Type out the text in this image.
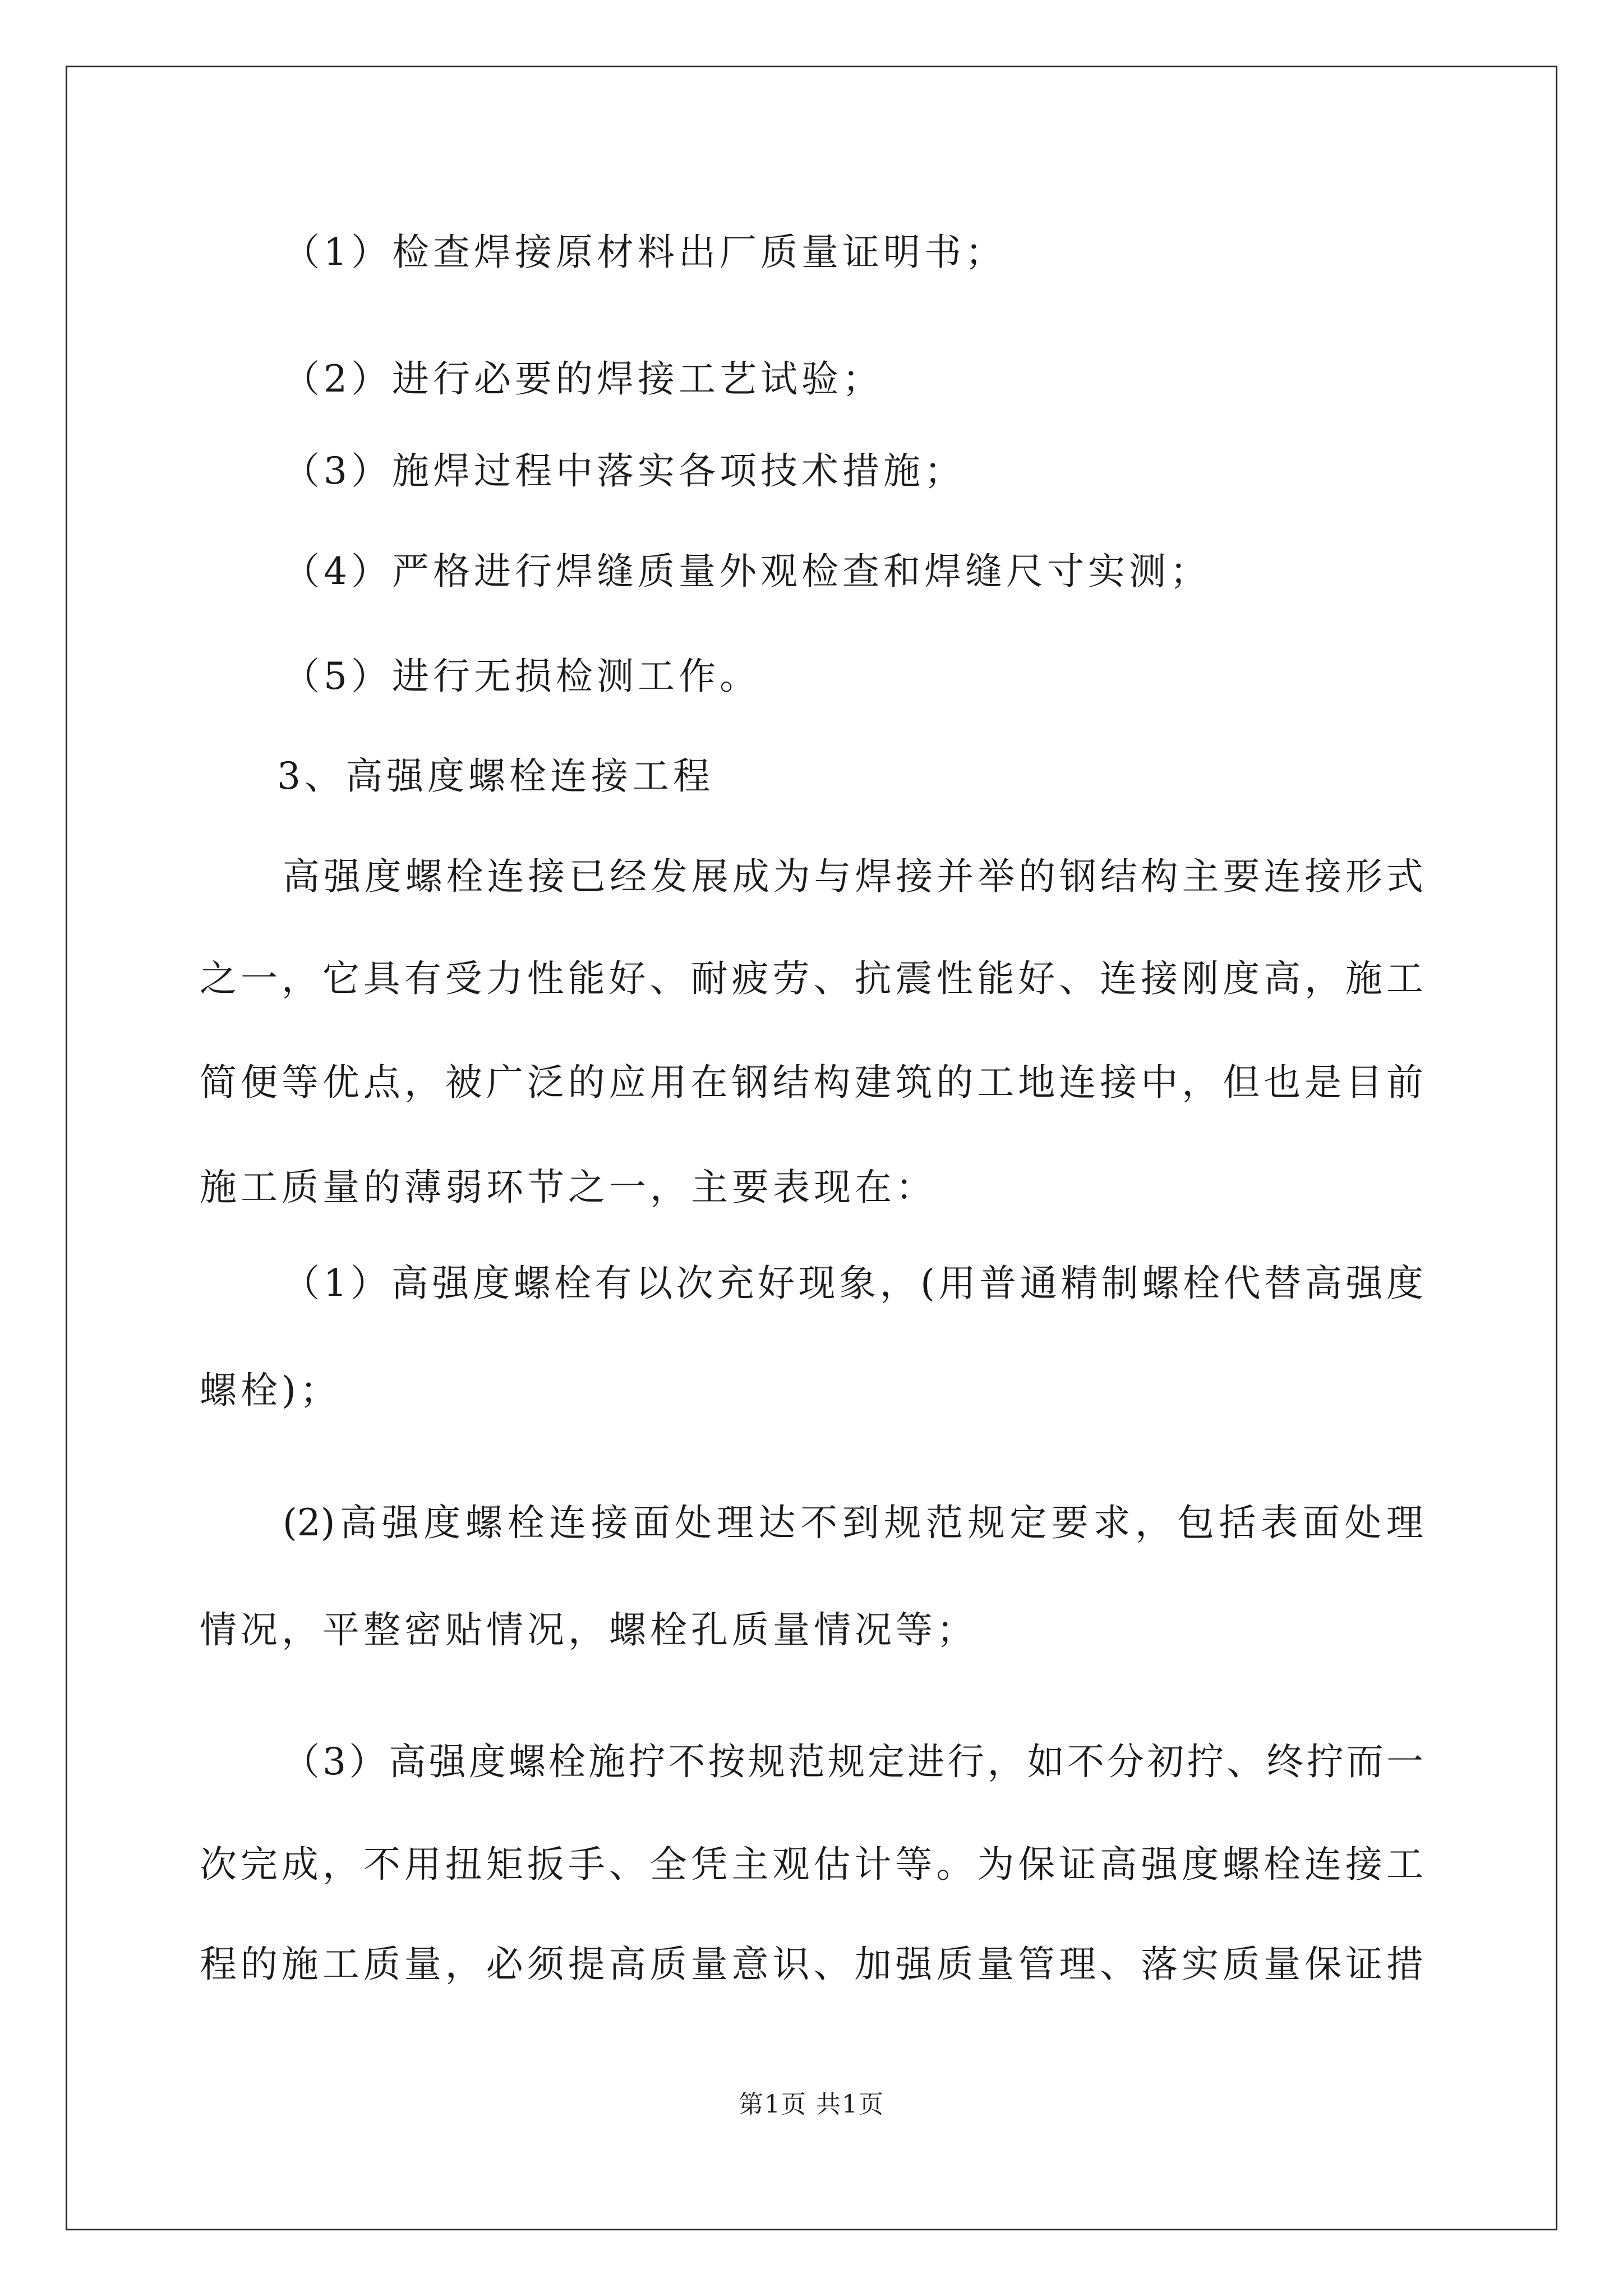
（1）检查焊接原材料出厂质量证明书；
（2）进行必要的焊接工艺试验；
（3）施焊过程中落实各项技术措施；
（4）严格进行焊缝质量外观检查和焊缝尺寸实测；
（5）进行无损检测工作。
3、高强度螺栓连接工程
高强度螺栓连接已经发展成为与焊接并举的钢结构主要连接形式
之一，它具有受力性能好、耐疲劳、抗震性能好、连接刚度高，施工
简便等优点，被广泛的应用在钢结构建筑的工地连接中，但也是目前
施工质量的薄弱环节之一，主要表现在：
（1）高强度螺栓有以次充好现象，(用普通精制螺栓代替高强度
螺栓)；
(2)高强度螺栓连接面处理达不到规范规定要求，包括表面处理
情况，平整密贴情况，螺栓孔质量情况等；
（3）高强度螺栓施拧不按规范规定进行，如不分初拧、终拧而一
次完成，不用扭矩扳手、全凭主观估计等。为保证高强度螺栓连接工
程的施工质量，必须提高质量意识、加强质量管理、落实质量保证措
第1页 共1页
